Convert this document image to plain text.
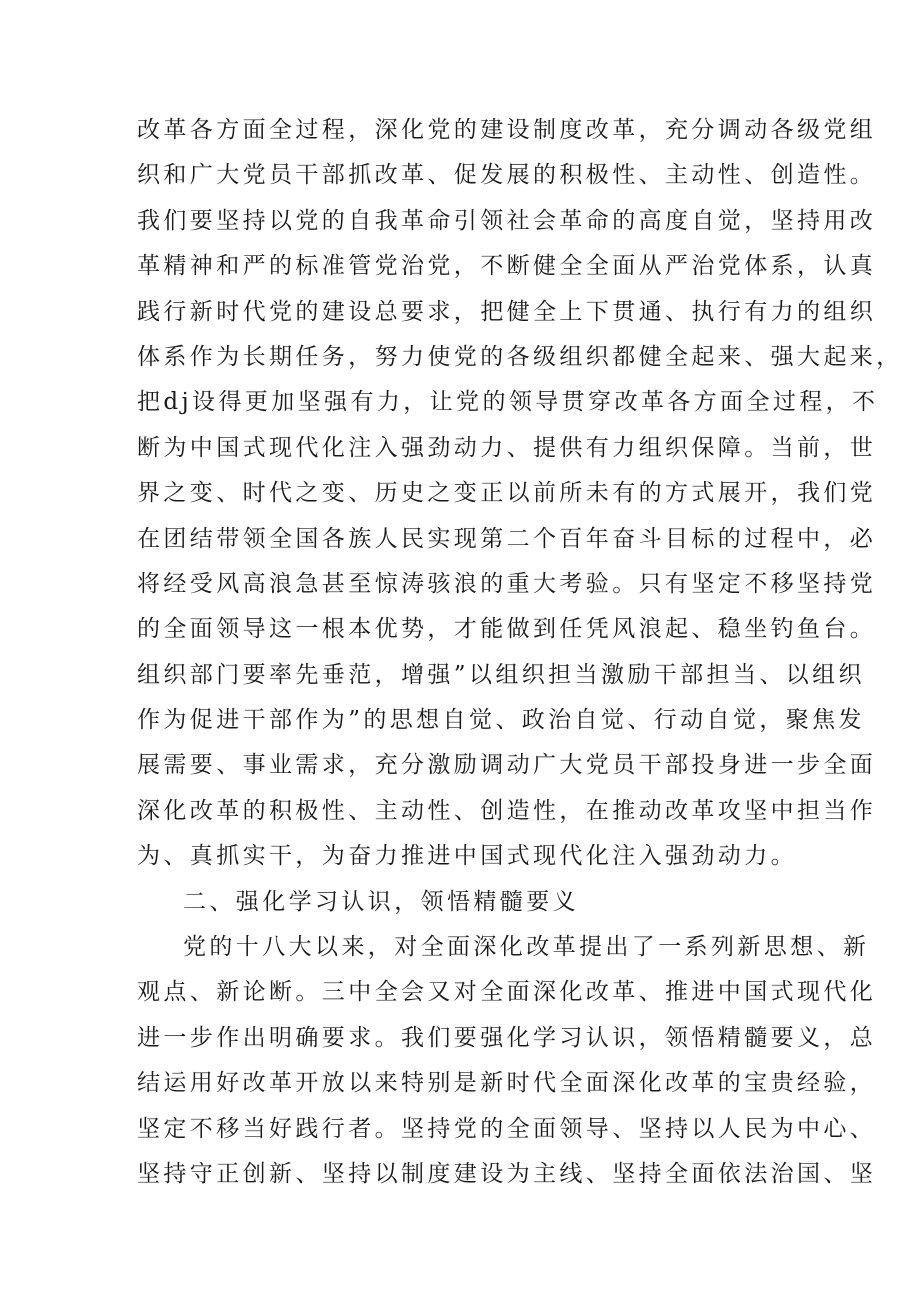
改革各方面全过程，深化党的建设制度改革，充分调动各级党组
织和广大党员干部抓改革、促发展的积极性、主动性、创造性。
我们要坚持以党的自我革命引领社会革命的高度自觉，坚持用改
革精神和严的标准管党治党，不断健全全面从严治党体系，认真
践行新时代党的建设总要求，把健全上下贯通、执行有力的组织
体系作为长期任务，努力使党的各级组织都健全起来、强大起来，
把dj设得更加坚强有力，让党的领导贯穿改革各方面全过程，不
断为中国式现代化注入强劲动力、提供有力组织保障。当前，世
界之变、时代之变、历史之变正以前所未有的方式展开，我们党
在团结带领全国各族人民实现第二个百年奋斗目标的过程中，必
将经受风高浪急甚至惊涛骇浪的重大考验。只有坚定不移坚持党
的全面领导这一根本优势，才能做到任凭风浪起、稳坐钓鱼台。
组织部门要率先垂范，增强”以组织担当激励干部担当、以组织
作为促进干部作为”的思想自觉、政治自觉、行动自觉，聚焦发
展需要、事业需求，充分激励调动广大党员干部投身进一步全面
深化改革的积极性、主动性、创造性，在推动改革攻坚中担当作
为、真抓实干，为奋力推进中国式现代化注入强劲动力。
二、强化学习认识，领悟精髓要义
党的十八大以来，对全面深化改革提出了一系列新思想、新
观点、新论断。三中全会又对全面深化改革、推进中国式现代化
进一步作出明确要求。我们要强化学习认识，领悟精髓要义，总
结运用好改革开放以来特别是新时代全面深化改革的宝贵经验，
坚定不移当好践行者。坚持党的全面领导、坚持以人民为中心、
坚持守正创新、坚持以制度建设为主线、坚持全面依法治国、坚
